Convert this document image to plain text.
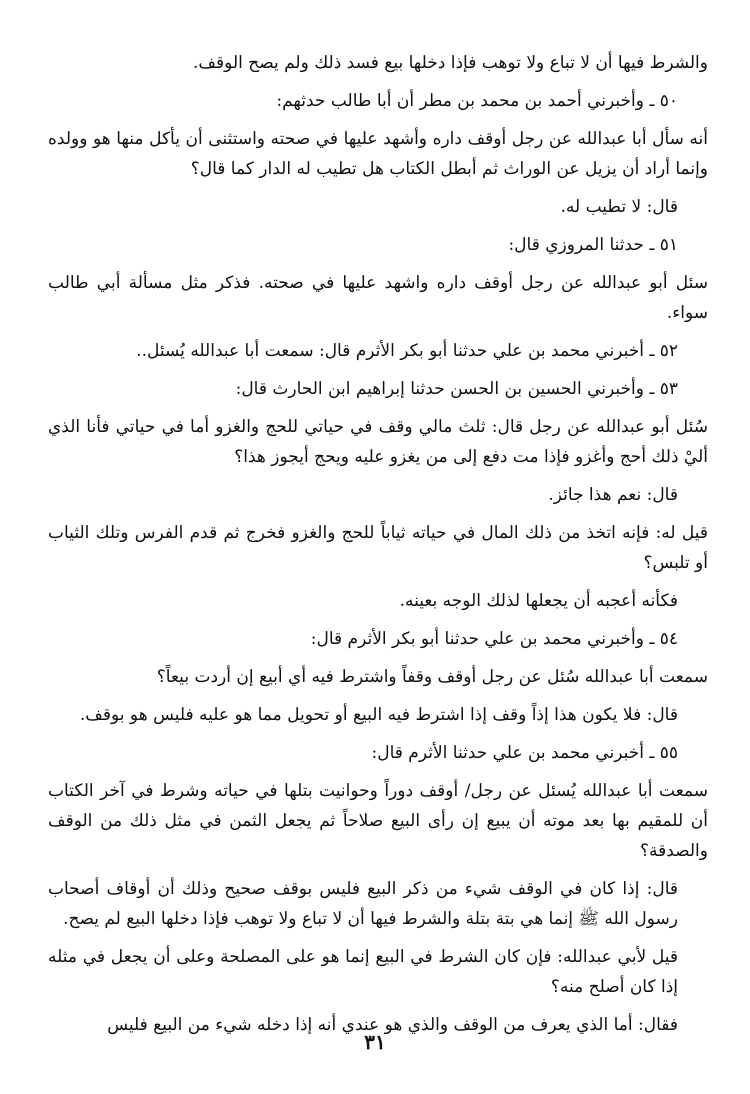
والشرط فيها أن لا تباع ولا توهب فإذا دخلها بيع فسد ذلك ولم يصح الوقف.

٥٠ ـ وأخبرني أحمد بن محمد بن مطر أن أبا طالب حدثهم:

أنه سأل أبا عبدالله عن رجل أوقف داره وأشهد عليها في صحته واستثنى أن يأكل منها هو وولده وإنما أراد أن يزيل عن الوراث ثم أبطل الكتاب هل تطيب له الدار كما قال؟

قال: لا تطيب له.

٥١ ـ حدثنا المروزي قال:

سئل أبو عبدالله عن رجل أوقف داره واشهد عليها في صحته. فذكر مثل مسألة أبي طالب سواء.

٥٢ ـ أخبرني محمد بن علي حدثنا أبو بكر الأثرم قال: سمعت أبا عبدالله يُسئل..

٥٣ ـ وأخبرني الحسين بن الحسن حدثنا إبراهيم ابن الحارث قال:

سُئل أبو عبدالله عن رجل قال: ثلث مالي وقف في حياتي للحج والغزو أما في حياتي فأنا الذي أليْ ذلك أحج وأغزو فإذا مت دفع إلى من يغزو عليه ويحج أيجوز هذا؟

قال: نعم هذا جائز.

قيل له: فإنه اتخذ من ذلك المال في حياته ثياباً للحج والغزو فخرج ثم قدم الفرس وتلك الثياب أو تلبس؟

فكأنه أعجبه أن يجعلها لذلك الوجه بعينه.

٥٤ ـ وأخبرني محمد بن علي حدثنا أبو بكر الأثرم قال:

سمعت أبا عبدالله سُئل عن رجل أوقف وقفاً واشترط فيه أي أبيع إن أردت بيعاً؟

قال: فلا يكون هذا إذاً وقف إذا اشترط فيه البيع أو تحويل مما هو عليه فليس هو بوقف.

٥٥ ـ أخبرني محمد بن علي حدثنا الأثرم قال:

سمعت أبا عبدالله يُسئل عن رجل/ أوقف دوراً وحوانيت بتلها في حياته وشرط في آخر الكتاب أن للمقيم بها بعد موته أن يبيع إن رأى البيع صلاحاً ثم يجعل الثمن في مثل ذلك من الوقف والصدقة؟

قال: إذا كان في الوقف شيء من ذكر البيع فليس بوقف صحيح وذلك أن أوقاف أصحاب رسول الله ﷺ إنما هي بتة بتلة والشرط فيها أن لا تباع ولا توهب فإذا دخلها البيع لم يصح.

قيل لأبي عبدالله: فإن كان الشرط في البيع إنما هو على المصلحة وعلى أن يجعل في مثله إذا كان أصلح منه؟

فقال: أما الذي يعرف من الوقف والذي هو عندي أنه إذا دخله شيء من البيع فليس

٣١
